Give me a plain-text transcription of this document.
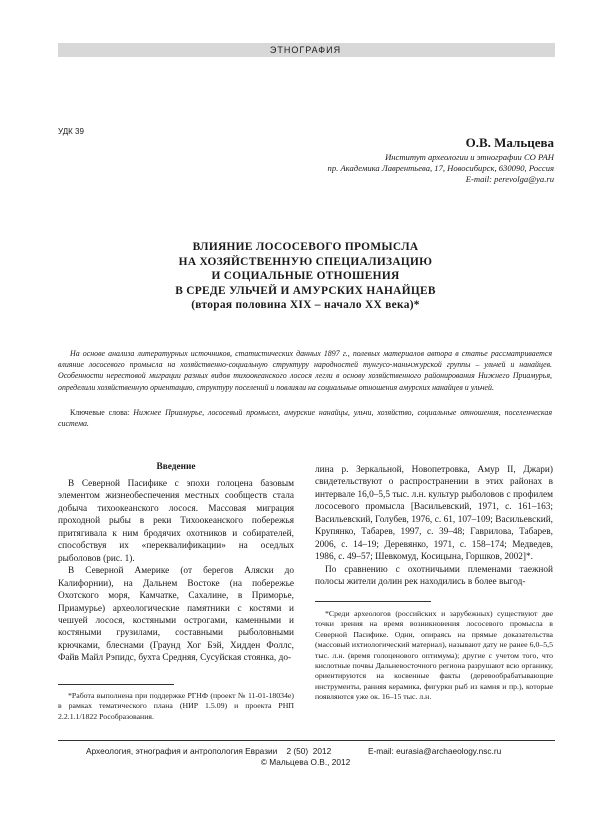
ЭТНОГРАФИЯ
УДК 39
О.В. Мальцева
Институт археологии и этнографии СО РАН
пр. Академика Лаврентьева, 17, Новосибирск, 630090, Россия
E-mail: perevolga@ya.ru
ВЛИЯНИЕ ЛОСОСЕВОГО ПРОМЫСЛА
НА ХОЗЯЙСТВЕННУЮ СПЕЦИАЛИЗАЦИЮ
И СОЦИАЛЬНЫЕ ОТНОШЕНИЯ
В СРЕДЕ УЛЬЧЕЙ И АМУРСКИХ НАНАЙЦЕВ
(вторая половина XIX – начало XX века)*
На основе анализа литературных источников, статистических данных 1897 г., полевых материалов автора в статье рассматривается влияние лососевого промысла на хозяйственно-социальную структуру народностей тунгусо-маньчжурской группы – ульчей и нанайцев. Особенности нерестовой миграции разных видов тихоокеанского лосося легли в основу хозяйственного районирования Нижнего Приамурья, определили хозяйственную ориентацию, структуру поселений и повлияли на социальные отношения амурских нанайцев и ульчей.
Ключевые слова: Нижнее Приамурье, лососевый промысел, амурские нанайцы, ульчи, хозяйство, социальные отношения, поселенческая система.
Введение

В Северной Пасифике с эпохи голоцена базовым элементом жизнеобеспечения местных сообществ стала добыча тихоокеанского лосося. Массовая миграция проходной рыбы в реки Тихоокеанского побережья притягивала к ним бродячих охотников и собирателей, способствуя их «переквалификации» на оседлых рыболовов (рис. 1).

В Северной Америке (от берегов Аляски до Калифорнии), на Дальнем Востоке (на побережье Охотского моря, Камчатке, Сахалине, в Приморье, Приамурье) археологические памятники с костями и чешуей лосося, костяными острогами, каменными и костяными грузилами, составными рыболовными крючками, блеснами (Граунд Хог Бэй, Хидден Фоллс, Файв Майл Рэпидс, бухта Средняя, Сусуйская стоянка, до-

лина р. Зеркальной, Новопетровка, Амур II, Джари) свидетельствуют о распространении в этих районах в интервале 16,0–5,5 тыс. л.н. культур рыболовов с профилем лососевого промысла [Васильевский, 1971, с. 161–163; Васильевский, Голубев, 1976, с. 61, 107–109; Васильевский, Крупянко, Табарев, 1997, с. 39–48; Гаврилова, Табарев, 2006, с. 14–19; Деревянко, 1971, с. 158–174; Медведев, 1986, с. 49–57; Шевкомуд, Косицына, Горшков, 2002]*.

По сравнению с охотничьими племенами таежной полосы жители долин рек находились в более выгод-

*Среди археологов (российских и зарубежных) существуют две точки зрения на время возникновения лососевого промысла в Северной Пасифике. Одни, опираясь на прямые доказательства (массовый ихтиологический материал), называют дату не ранее 6,0–5,5 тыс. л.н. (время голоценового оптимума); другие с учетом того, что кислотные почвы Дальневосточного региона разрушают всю органику, ориентируются на косвенные факты (деревообрабатывающие инструменты, ранняя керамика, фигурки рыб из камня и пр.), которые появляются уже ок. 16–15 тыс. л.н.

*Работа выполнена при поддержке РГНФ (проект № 11-01-18034е) в рамках тематического плана (НИР 1.5.09) и проекта РНП 2.2.1.1/1822 Рособразования.

Археология, этнография и антропология Евразии    2 (50)  2012	E-mail: eurasia@archaeology.nsc.ru
© Мальцева О.В., 2012
